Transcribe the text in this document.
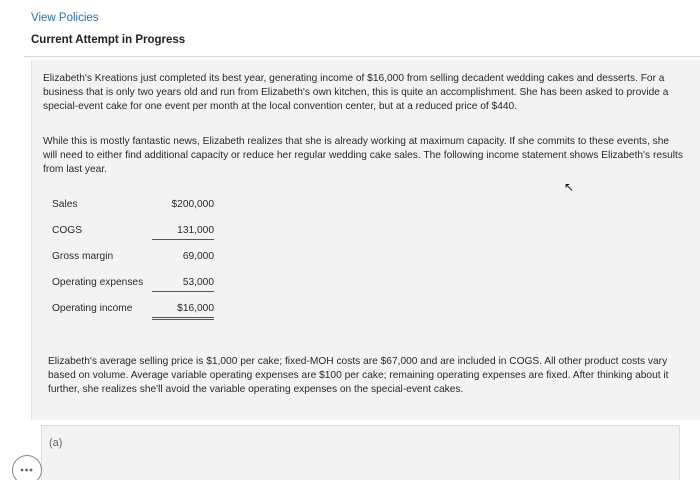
View Policies
Current Attempt in Progress

Elizabeth's Kreations just completed its best year, generating income of $16,000 from selling decadent wedding cakes and desserts. For a business that is only two years old and run from Elizabeth's own kitchen, this is quite an accomplishment. She has been asked to provide a special-event cake for one event per month at the local convention center, but at a reduced price of $440.

While this is mostly fantastic news, Elizabeth realizes that she is already working at maximum capacity. If she commits to these events, she will need to either find additional capacity or reduce her regular wedding cake sales. The following income statement shows Elizabeth's results from last year.

↖
Sales	$200,000
COGS	131,000
Gross margin	69,000
Operating expenses	53,000
Operating income	$16,000

Elizabeth's average selling price is $1,000 per cake; fixed-MOH costs are $67,000 and are included in COGS. All other product costs vary based on volume. Average variable operating expenses are $100 per cake; remaining operating expenses are fixed. After thinking about it further, she realizes she'll avoid the variable operating expenses on the special-event cakes.

(a)
